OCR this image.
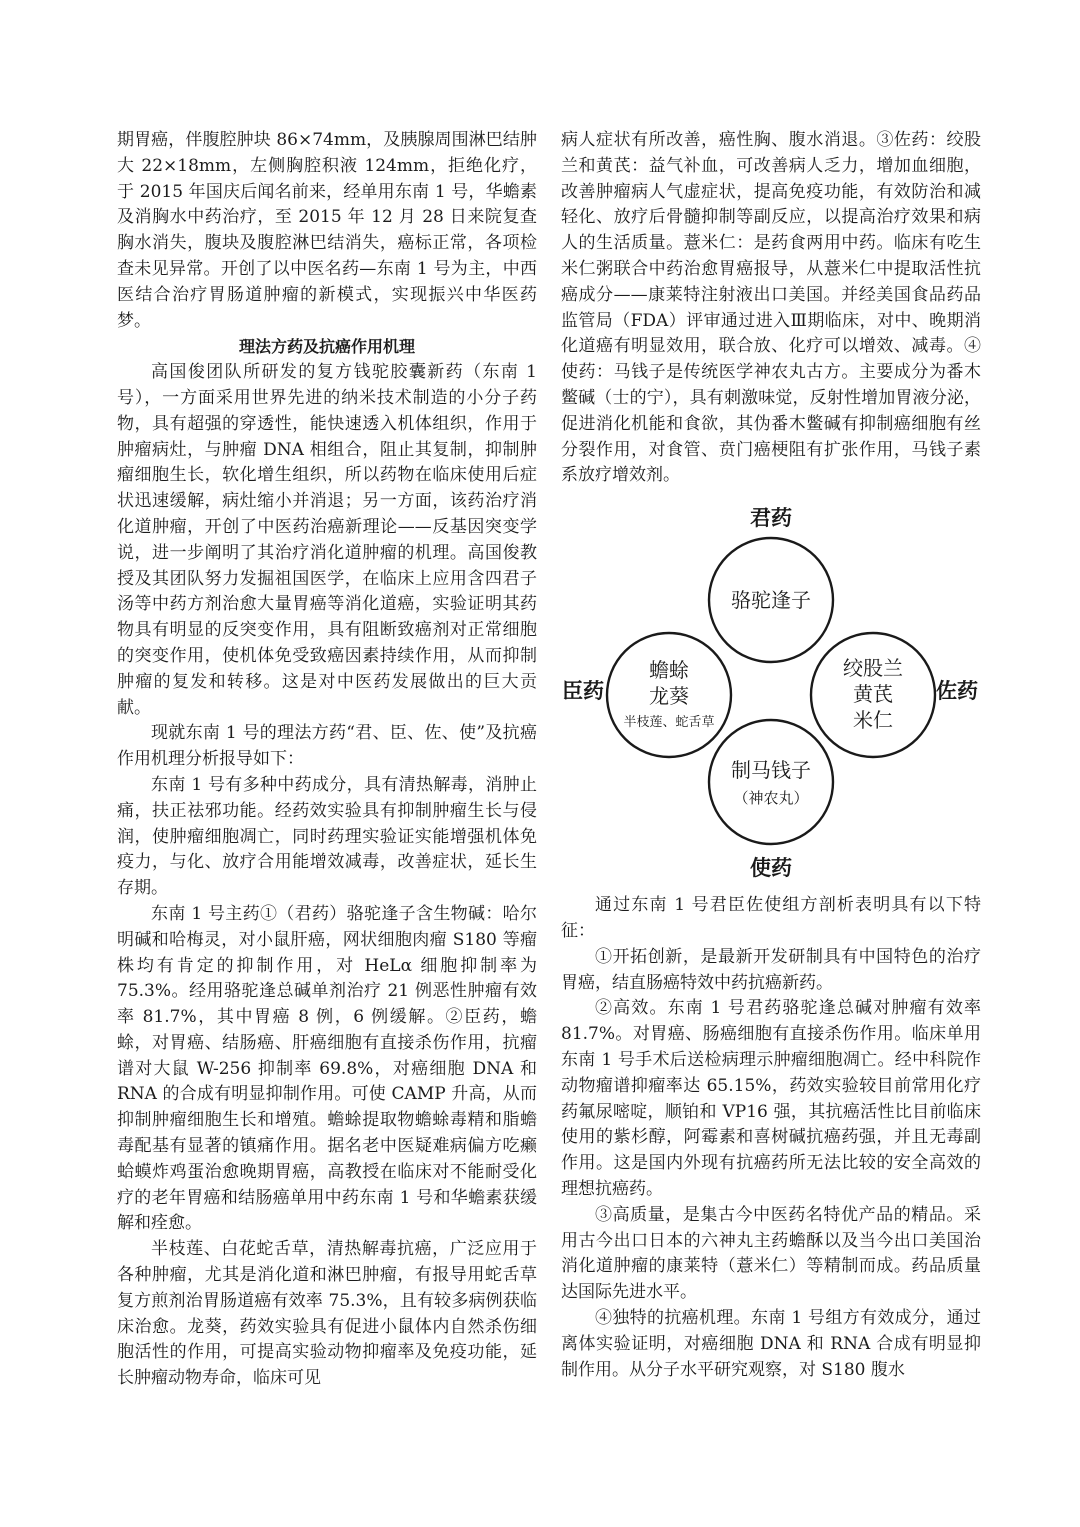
期胃癌，伴腹腔肿块 86×74mm，及胰腺周围淋巴结肿大 22×18mm，左侧胸腔积液 124mm，拒绝化疗，于 2015 年国庆后闻名前来，经单用东南 1 号，华蟾素及消胸水中药治疗，至 2015 年 12 月 28 日来院复查胸水消失，腹块及腹腔淋巴结消失，癌标正常，各项检查未见异常。开创了以中医名药—东南 1 号为主，中西医结合治疗胃肠道肿瘤的新模式，实现振兴中华医药梦。

理法方药及抗癌作用机理

高国俊团队所研发的复方钱驼胶囊新药（东南 1 号），一方面采用世界先进的纳米技术制造的小分子药物，具有超强的穿透性，能快速透入机体组织，作用于肿瘤病灶，与肿瘤 DNA 相组合，阻止其复制，抑制肿瘤细胞生长，软化增生组织，所以药物在临床使用后症状迅速缓解，病灶缩小并消退；另一方面，该药治疗消化道肿瘤，开创了中医药治癌新理论——反基因突变学说，进一步阐明了其治疗消化道肿瘤的机理。高国俊教授及其团队努力发掘祖国医学，在临床上应用含四君子汤等中药方剂治愈大量胃癌等消化道癌，实验证明其药物具有明显的反突变作用，具有阻断致癌剂对正常细胞的突变作用，使机体免受致癌因素持续作用，从而抑制肿瘤的复发和转移。这是对中医药发展做出的巨大贡献。

现就东南 1 号的理法方药“君、臣、佐、使”及抗癌作用机理分析报导如下：

东南 1 号有多种中药成分，具有清热解毒，消肿止痛，扶正祛邪功能。经药效实验具有抑制肿瘤生长与侵润，使肿瘤细胞凋亡，同时药理实验证实能增强机体免疫力，与化、放疗合用能增效减毒，改善症状，延长生存期。

东南 1 号主药①（君药）骆驼逢子含生物碱：哈尔明碱和哈梅灵，对小鼠肝癌，网状细胞肉瘤 S180 等瘤株均有肯定的抑制作用，对 HeLα 细胞抑制率为 75.3%。经用骆驼逢总碱单剂治疗 21 例恶性肿瘤有效率 81.7%，其中胃癌 8 例，6 例缓解。②臣药，蟾蜍，对胃癌、结肠癌、肝癌细胞有直接杀伤作用，抗瘤谱对大鼠 W-256 抑制率 69.8%，对癌细胞 DNA 和 RNA 的合成有明显抑制作用。可使 CAMP 升高，从而抑制肿瘤细胞生长和增殖。蟾蜍提取物蟾蜍毒精和脂蟾毒配基有显著的镇痛作用。据名老中医疑难病偏方吃癞蛤蟆炸鸡蛋治愈晚期胃癌，高教授在临床对不能耐受化疗的老年胃癌和结肠癌单用中药东南 1 号和华蟾素获缓解和痊愈。

半枝莲、白花蛇舌草，清热解毒抗癌，广泛应用于各种肿瘤，尤其是消化道和淋巴肿瘤，有报导用蛇舌草复方煎剂治胃肠道癌有效率 75.3%，且有较多病例获临床治愈。龙葵，药效实验具有促进小鼠体内自然杀伤细胞活性的作用，可提高实验动物抑瘤率及免疫功能，延长肿瘤动物寿命，临床可见

病人症状有所改善，癌性胸、腹水消退。③佐药：绞股兰和黄芪：益气补血，可改善病人乏力，增加血细胞，改善肿瘤病人气虚症状，提高免疫功能，有效防治和减轻化、放疗后骨髓抑制等副反应，以提高治疗效果和病人的生活质量。薏米仁：是药食两用中药。临床有吃生米仁粥联合中药治愈胃癌报导，从薏米仁中提取活性抗癌成分——康莱特注射液出口美国。并经美国食品药品监管局（FDA）评审通过进入Ⅲ期临床，对中、晚期消化道癌有明显效用，联合放、化疗可以增效、减毒。④使药：马钱子是传统医学神农丸古方。主要成分为番木鳖碱（士的宁），具有刺激味觉，反射性增加胃液分泌，促进消化机能和食欲，其伪番木鳖碱有抑制癌细胞有丝分裂作用，对食管、贲门癌梗阻有扩张作用，马钱子素系放疗增效剂。

君药
臣药	佐药
使药
骆驼逢子
蟾蜍
龙葵
半枝莲、蛇舌草
绞股兰
黄芪
米仁
制马钱子
（神农丸）

通过东南 1 号君臣佐使组方剖析表明具有以下特征：

①开拓创新，是最新开发研制具有中国特色的治疗胃癌，结直肠癌特效中药抗癌新药。

②高效。东南 1 号君药骆驼逢总碱对肿瘤有效率 81.7%。对胃癌、肠癌细胞有直接杀伤作用。临床单用东南 1 号手术后送检病理示肿瘤细胞凋亡。经中科院作动物瘤谱抑瘤率达 65.15%，药效实验较目前常用化疗药氟尿嘧啶，顺铂和 VP16 强，其抗癌活性比目前临床使用的紫杉醇，阿霉素和喜树碱抗癌药强，并且无毒副作用。这是国内外现有抗癌药所无法比较的安全高效的理想抗癌药。

③高质量，是集古今中医药名特优产品的精品。采用古今出口日本的六神丸主药蟾酥以及当今出口美国治消化道肿瘤的康莱特（薏米仁）等精制而成。药品质量达国际先进水平。

④独特的抗癌机理。东南 1 号组方有效成分，通过离体实验证明，对癌细胞 DNA 和 RNA 合成有明显抑制作用。从分子水平研究观察，对 S180 腹水
